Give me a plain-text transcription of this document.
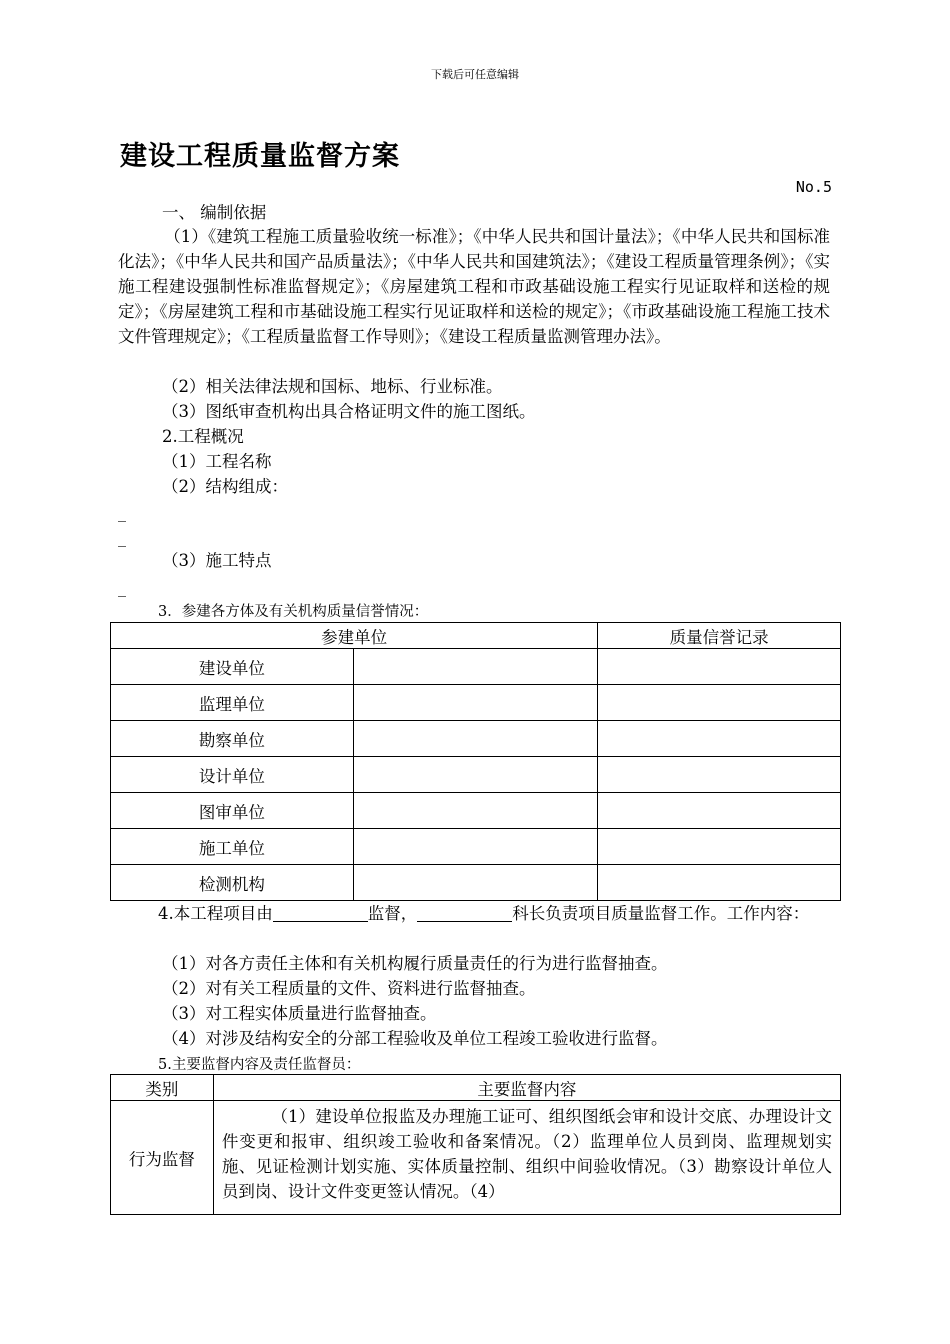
下载后可任意编辑
建设工程质量监督方案
No.5
一、 编制依据
（1）《建筑工程施工质量验收统一标准》；《中华人民共和国计量法》；《中华人民共和国标准化法》；《中华人民共和国产品质量法》；《中华人民共和国建筑法》；《建设工程质量管理条例》；《实施工程建设强制性标准监督规定》；《房屋建筑工程和市政基础设施工程实行见证取样和送检的规定》；《房屋建筑工程和市基础设施工程实行见证取样和送检的规定》；《市政基础设施工程施工技术文件管理规定》；《工程质量监督工作导则》；《建设工程质量监测管理办法》。
（2）相关法律法规和国标、地标、行业标准。
（3）图纸审查机构出具合格证明文件的施工图纸。
2.工程概况
（1）工程名称
（2）结构组成：
_
_
（3）施工特点
_
3．参建各方体及有关机构质量信誉情况：
参建单位		质量信誉记录
建设单位		
监理单位		
勘察单位		
设计单位		
图审单位		
施工单位		
检测机构		
4.本工程项目由	监督，	科长负责项目质量监督工作。工作内容：
（1）对各方责任主体和有关机构履行质量责任的行为进行监督抽查。
（2）对有关工程质量的文件、资料进行监督抽查。
（3）对工程实体质量进行监督抽查。
（4）对涉及结构安全的分部工程验收及单位工程竣工验收进行监督。
5.主要监督内容及责任监督员：
类别	主要监督内容
行为监督	（1）建设单位报监及办理施工证可、组织图纸会审和设计交底、办理设计文件变更和报审、组织竣工验收和备案情况。（2）监理单位人员到岗、监理规划实施、见证检测计划实施、实体质量控制、组织中间验收情况。（3）勘察设计单位人员到岗、设计文件变更签认情况。（4）
